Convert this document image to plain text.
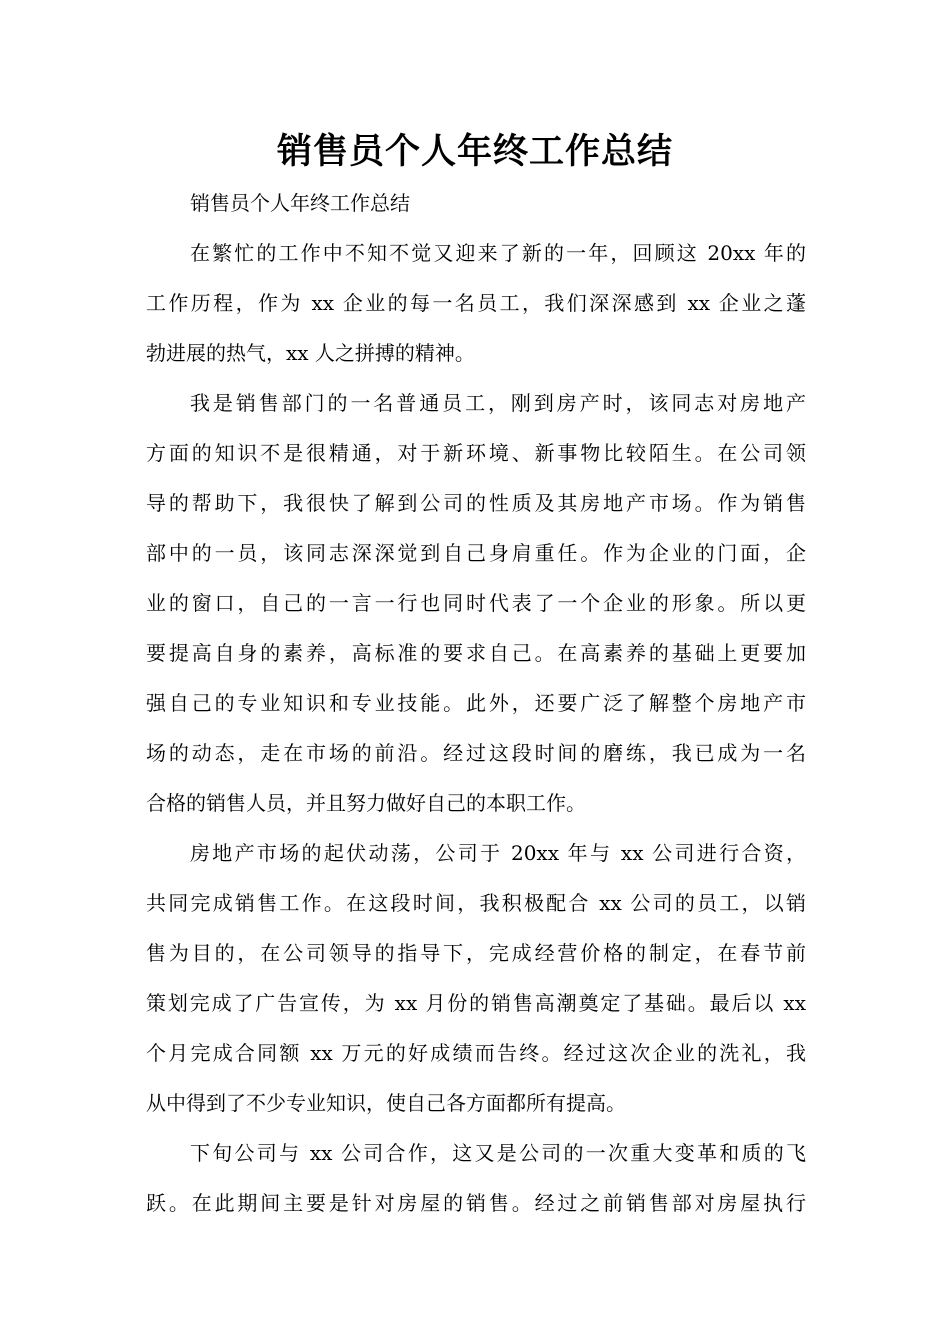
销售员个人年终工作总结
销售员个人年终工作总结
在繁忙的工作中不知不觉又迎来了新的一年，回顾这 20xx 年的
工作历程，作为 xx 企业的每一名员工，我们深深感到 xx 企业之蓬
勃进展的热气，xx 人之拼搏的精神。
我是销售部门的一名普通员工，刚到房产时，该同志对房地产
方面的知识不是很精通，对于新环境、新事物比较陌生。在公司领
导的帮助下，我很快了解到公司的性质及其房地产市场。作为销售
部中的一员，该同志深深觉到自己身肩重任。作为企业的门面，企
业的窗口，自己的一言一行也同时代表了一个企业的形象。所以更
要提高自身的素养，高标准的要求自己。在高素养的基础上更要加
强自己的专业知识和专业技能。此外，还要广泛了解整个房地产市
场的动态，走在市场的前沿。经过这段时间的磨练，我已成为一名
合格的销售人员，并且努力做好自己的本职工作。
房地产市场的起伏动荡，公司于 20xx 年与 xx 公司进行合资，
共同完成销售工作。在这段时间，我积极配合 xx 公司的员工，以销
售为目的，在公司领导的指导下，完成经营价格的制定，在春节前
策划完成了广告宣传，为 xx 月份的销售高潮奠定了基础。最后以 xx
个月完成合同额 xx 万元的好成绩而告终。经过这次企业的洗礼，我
从中得到了不少专业知识，使自己各方面都所有提高。
下旬公司与 xx 公司合作，这又是公司的一次重大变革和质的飞
跃。在此期间主要是针对房屋的销售。经过之前销售部对房屋执行
